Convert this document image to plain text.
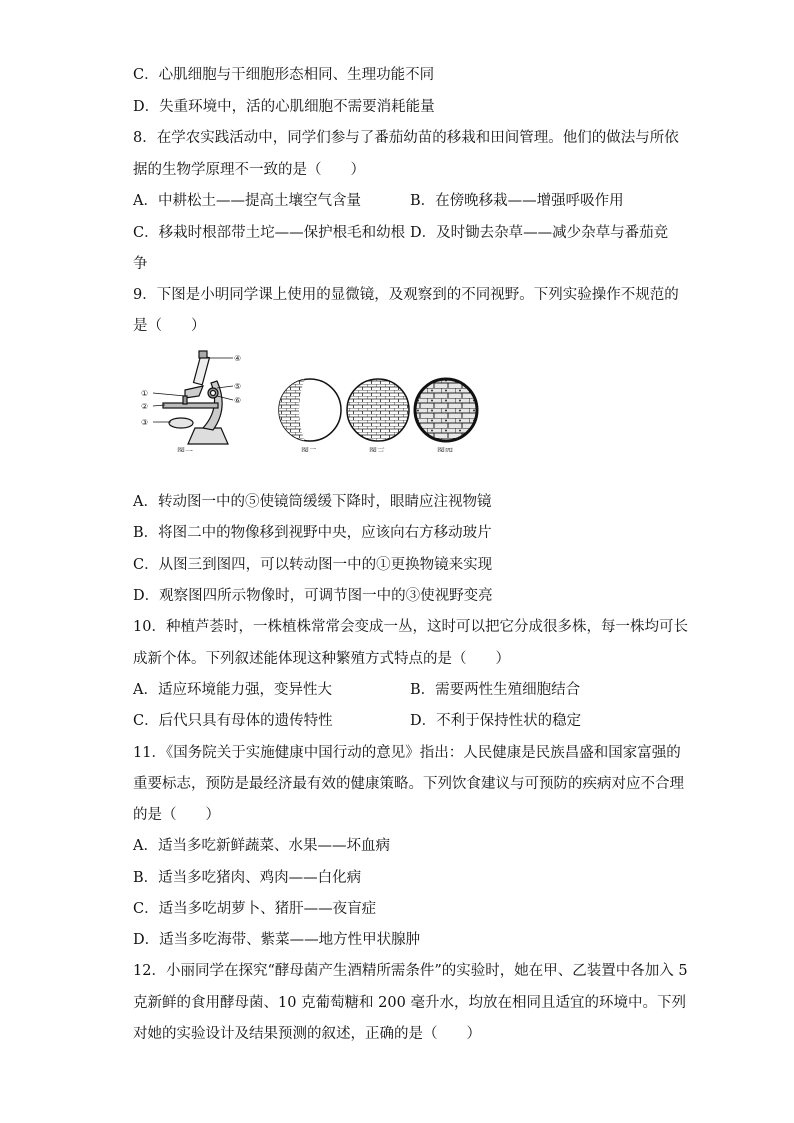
C．心肌细胞与干细胞形态相同、生理功能不同
D．失重环境中，活的心肌细胞不需要消耗能量
8．在学农实践活动中，同学们参与了番茄幼苗的移栽和田间管理。他们的做法与所依
据的生物学原理不一致的是（　　）
A．中耕松土——提高土壤空气含量	B．在傍晚移栽——增强呼吸作用
C．移栽时根部带土坨——保护根毛和幼根 D．及时锄去杂草——减少杂草与番茄竞
争
9．下图是小明同学课上使用的显微镜，及观察到的不同视野。下列实验操作不规范的
是（　　）
①
②
③
④
⑤
⑥
图一	图二	图三	图四
A．转动图一中的⑤使镜筒缓缓下降时，眼睛应注视物镜
B．将图二中的物像移到视野中央，应该向右方移动玻片
C．从图三到图四，可以转动图一中的①更换物镜来实现
D．观察图四所示物像时，可调节图一中的③使视野变亮
10．种植芦荟时，一株植株常常会变成一丛，这时可以把它分成很多株，每一株均可长
成新个体。下列叙述能体现这种繁殖方式特点的是（　　）
A．适应环境能力强，变异性大	B．需要两性生殖细胞结合
C．后代只具有母体的遗传特性	D．不利于保持性状的稳定
11．《国务院关于实施健康中国行动的意见》指出：人民健康是民族昌盛和国家富强的
重要标志，预防是最经济最有效的健康策略。下列饮食建议与可预防的疾病对应不合理
的是（　　）
A．适当多吃新鲜蔬菜、水果——坏血病
B．适当多吃猪肉、鸡肉——白化病
C．适当多吃胡萝卜、猪肝——夜盲症
D．适当多吃海带、紫菜——地方性甲状腺肿
12．小丽同学在探究“酵母菌产生酒精所需条件”的实验时，她在甲、乙装置中各加入 5
克新鲜的食用酵母菌、10 克葡萄糖和 200 毫升水，均放在相同且适宜的环境中。下列
对她的实验设计及结果预测的叙述，正确的是（　　）
